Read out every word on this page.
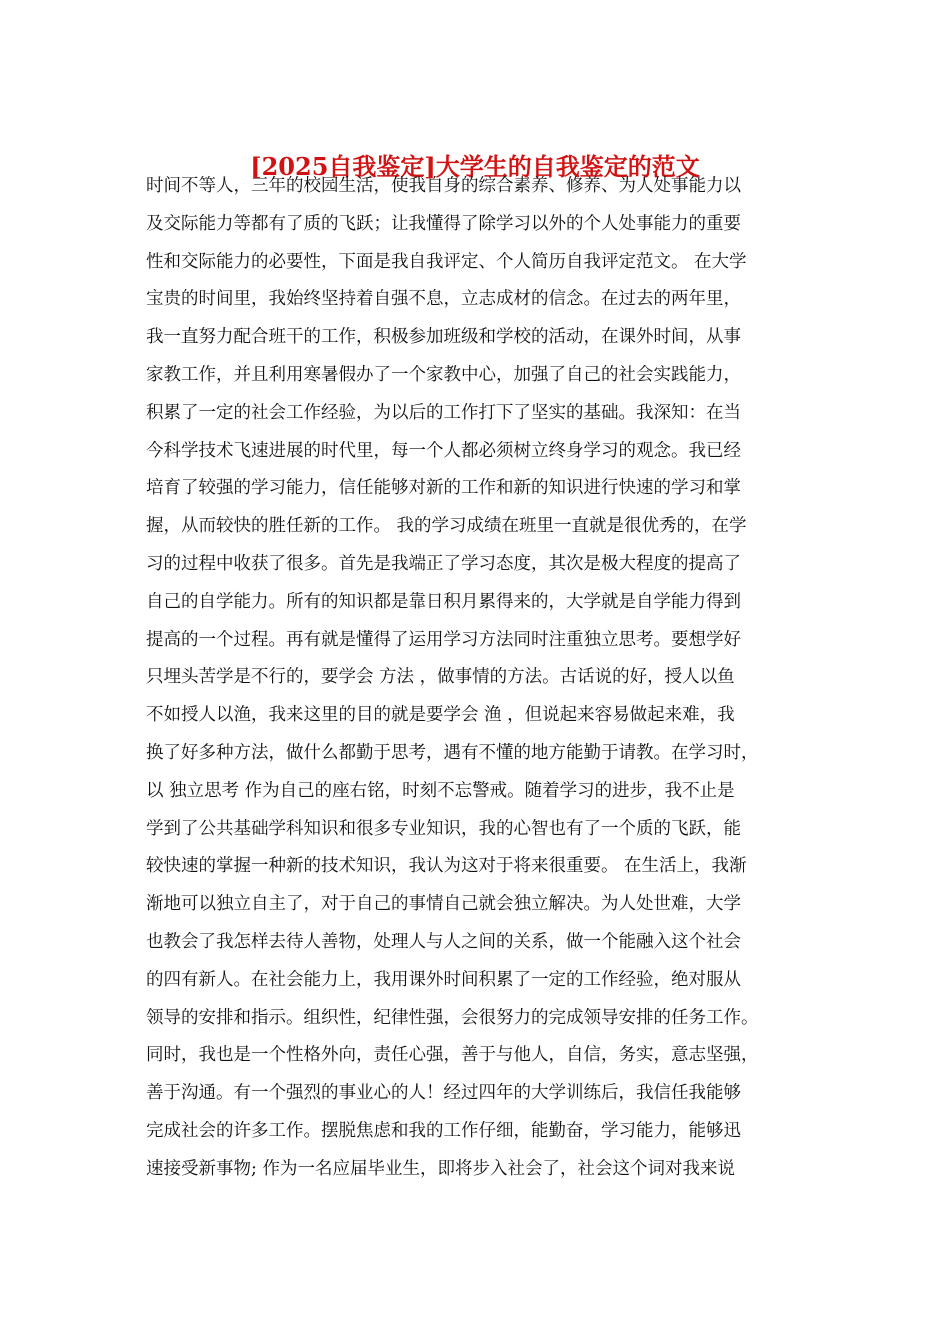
[2025自我鉴定]大学生的自我鉴定的范文
时间不等人，三年的校园生活，使我自身的综合素养、修养、为人处事能力以
及交际能力等都有了质的飞跃；让我懂得了除学习以外的个人处事能力的重要
性和交际能力的必要性，下面是我自我评定、个人简历自我评定范文。 在大学
宝贵的时间里，我始终坚持着自强不息，立志成材的信念。在过去的两年里，
我一直努力配合班干的工作，积极参加班级和学校的活动，在课外时间，从事
家教工作，并且利用寒暑假办了一个家教中心，加强了自己的社会实践能力，
积累了一定的社会工作经验，为以后的工作打下了坚实的基础。我深知：在当
今科学技术飞速进展的时代里，每一个人都必须树立终身学习的观念。我已经
培育了较强的学习能力，信任能够对新的工作和新的知识进行快速的学习和掌
握，从而较快的胜任新的工作。 我的学习成绩在班里一直就是很优秀的，在学
习的过程中收获了很多。首先是我端正了学习态度，其次是极大程度的提高了
自己的自学能力。所有的知识都是靠日积月累得来的，大学就是自学能力得到
提高的一个过程。再有就是懂得了运用学习方法同时注重独立思考。要想学好
只埋头苦学是不行的，要学会 方法 ，做事情的方法。古话说的好，授人以鱼
不如授人以渔，我来这里的目的就是要学会 渔 ，但说起来容易做起来难，我
换了好多种方法，做什么都勤于思考，遇有不懂的地方能勤于请教。在学习时，
以 独立思考 作为自己的座右铭，时刻不忘警戒。随着学习的进步，我不止是
学到了公共基础学科知识和很多专业知识，我的心智也有了一个质的飞跃，能
较快速的掌握一种新的技术知识，我认为这对于将来很重要。 在生活上，我渐
渐地可以独立自主了，对于自己的事情自己就会独立解决。为人处世难，大学
也教会了我怎样去待人善物，处理人与人之间的关系，做一个能融入这个社会
的四有新人。在社会能力上，我用课外时间积累了一定的工作经验，绝对服从
领导的安排和指示。组织性，纪律性强，会很努力的完成领导安排的任务工作。
同时，我也是一个性格外向，责任心强，善于与他人，自信，务实，意志坚强，
善于沟通。有一个强烈的事业心的人！经过四年的大学训练后，我信任我能够
完成社会的许多工作。摆脱焦虑和我的工作仔细，能勤奋，学习能力，能够迅
速接受新事物; 作为一名应届毕业生，即将步入社会了，社会这个词对我来说
